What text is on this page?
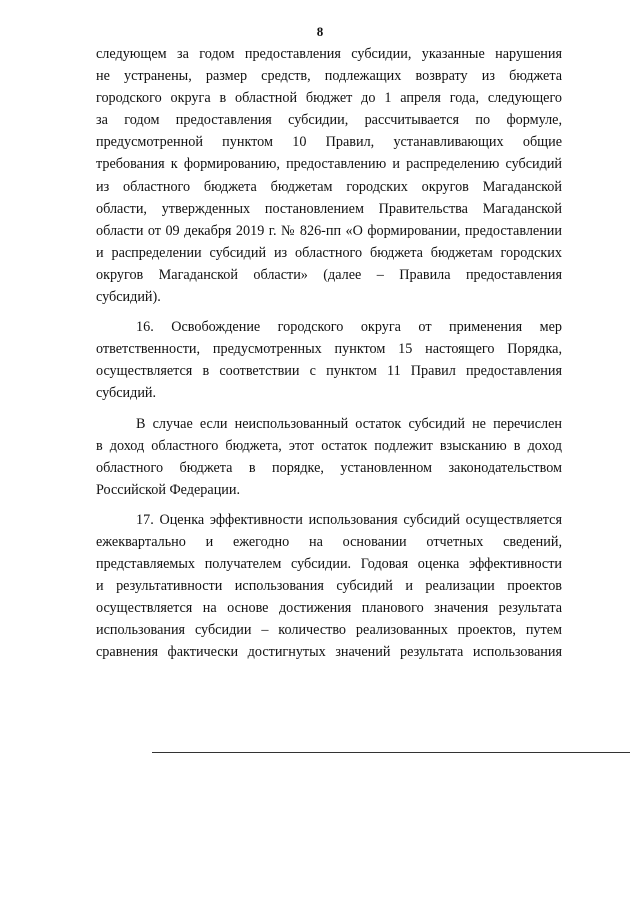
8

следующем за годом предоставления субсидии, указанные нарушения

не устранены, размер средств, подлежащих возврату из бюджета

городского округа в областной бюджет до 1 апреля года, следующего

за годом предоставления субсидии, рассчитывается по формуле,

предусмотренной пунктом 10 Правил, устанавливающих общие

требования к формированию, предоставлению и распределению субсидий

из областного бюджета бюджетам городских округов Магаданской

области, утвержденных постановлением Правительства Магаданской

области от 09 декабря 2019 г. № 826-пп «О формировании, предоставлении

и распределении субсидий из областного бюджета бюджетам городских

округов Магаданской области» (далее – Правила предоставления

субсидий).

16. Освобождение городского округа от применения мер

ответственности, предусмотренных пунктом 15 настоящего Порядка,

осуществляется в соответствии с пунктом 11 Правил предоставления

субсидий.

В случае если неиспользованный остаток субсидий не перечислен

в доход областного бюджета, этот остаток подлежит взысканию в доход

областного бюджета в порядке, установленном законодательством

Российской Федерации.

17. Оценка эффективности использования субсидий осуществляется

ежеквартально и ежегодно на основании отчетных сведений,

представляемых получателем субсидии. Годовая оценка эффективности

и результативности использования субсидий и реализации проектов

осуществляется на основе достижения планового значения результата

использования субсидии – количество реализованных проектов, путем

сравнения фактически достигнутых значений результата использования
